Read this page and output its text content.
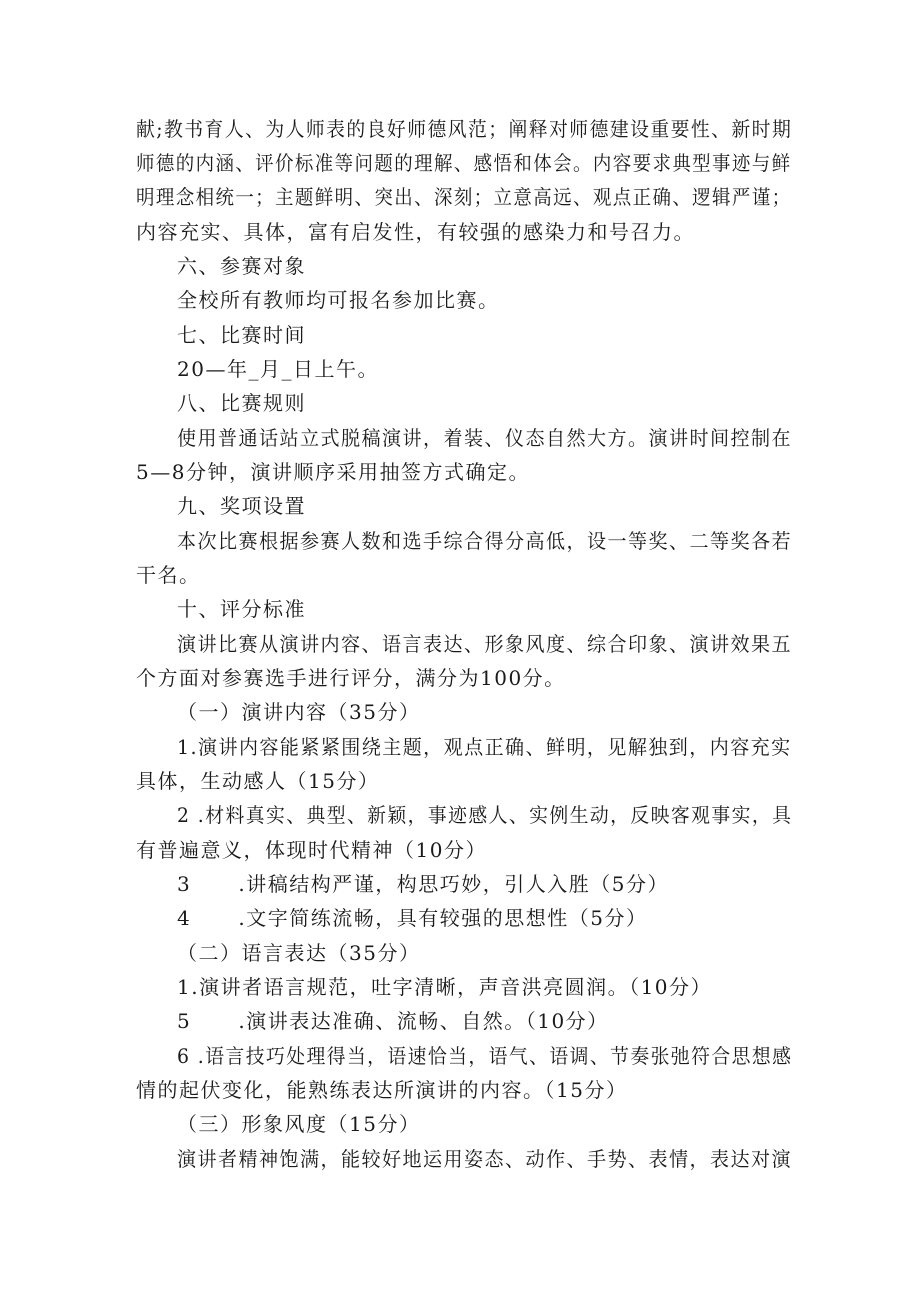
献;教书育人、为人师表的良好师德风范；阐释对师德建设重要性、新时期
师德的内涵、评价标准等问题的理解、感悟和体会。内容要求典型事迹与鲜
明理念相统一；主题鲜明、突出、深刻；立意高远、观点正确、逻辑严谨；
内容充实、具体，富有启发性，有较强的感染力和号召力。
六、参赛对象
全校所有教师均可报名参加比赛。
七、比赛时间
20—年_月_日上午。
八、比赛规则
使用普通话站立式脱稿演讲，着装、仪态自然大方。演讲时间控制在
5—8分钟，演讲顺序采用抽签方式确定。
九、奖项设置
本次比赛根据参赛人数和选手综合得分高低，设一等奖、二等奖各若
干名。
十、评分标准
演讲比赛从演讲内容、语言表达、形象风度、综合印象、演讲效果五
个方面对参赛选手进行评分，满分为100分。
（一）演讲内容（35分）
1.演讲内容能紧紧围绕主题，观点正确、鲜明，见解独到，内容充实
具体，生动感人（15分）
2 .材料真实、典型、新颖，事迹感人、实例生动，反映客观事实，具
有普遍意义，体现时代精神（10分）
3      .讲稿结构严谨，构思巧妙，引人入胜（5分）
4      .文字简练流畅，具有较强的思想性（5分）
（二）语言表达（35分）
1.演讲者语言规范，吐字清晰，声音洪亮圆润。（10分）
5      .演讲表达准确、流畅、自然。（10分）
6 .语言技巧处理得当，语速恰当，语气、语调、节奏张弛符合思想感
情的起伏变化，能熟练表达所演讲的内容。（15分）
（三）形象风度（15分）
演讲者精神饱满，能较好地运用姿态、动作、手势、表情，表达对演
